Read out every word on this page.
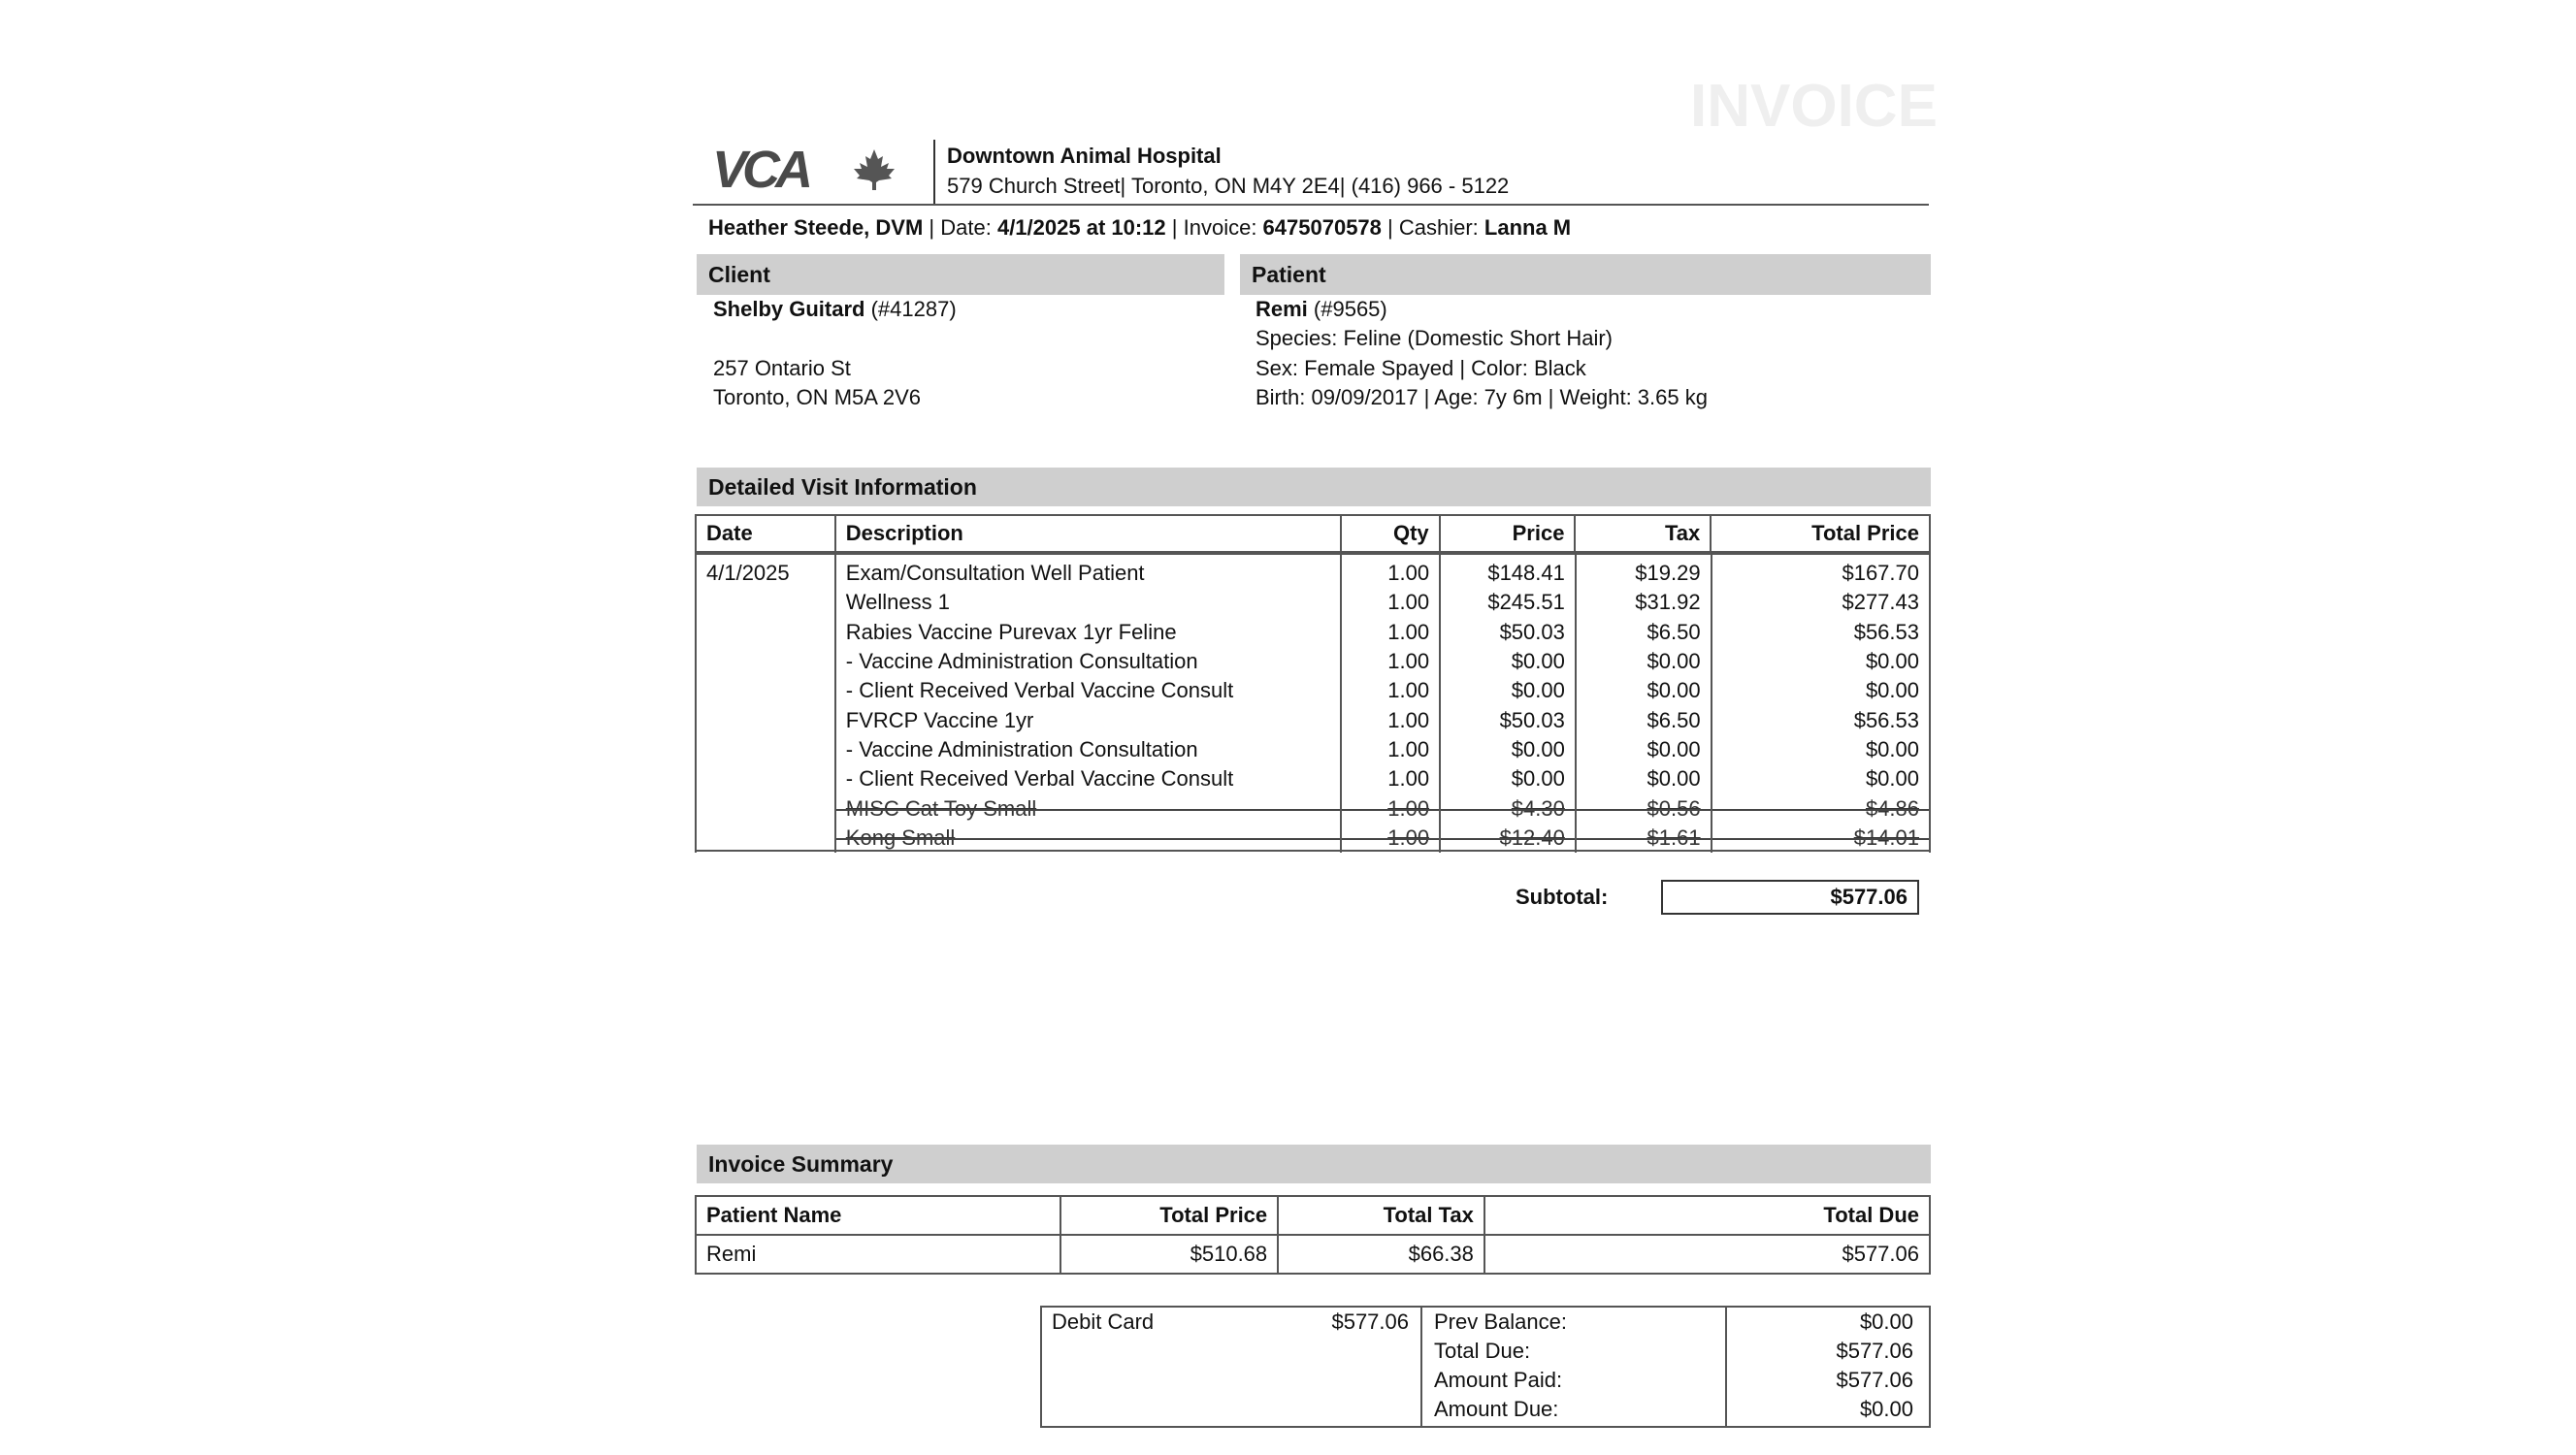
INVOICE
VCA	Downtown Animal Hospital
579 Church Street| Toronto, ON M4Y 2E4| (416) 966 - 5122
Heather Steede, DVM | Date: 4/1/2025 at 10:12 | Invoice: 6475070578 | Cashier: Lanna M
Client	Patient
Shelby Guitard (#41287)
257 Ontario St
Toronto, ON M5A 2V6
Remi (#9565)
Species: Feline (Domestic Short Hair)
Sex: Female Spayed | Color: Black
Birth: 09/09/2017 | Age: 7y 6m | Weight: 3.65 kg
Detailed Visit Information
Date	Description	Qty	Price	Tax	Total Price
4/1/2025	Exam/Consultation Well Patient	1.00	$148.41	$19.29	$167.70
	Wellness 1	1.00	$245.51	$31.92	$277.43
	Rabies Vaccine Purevax 1yr Feline	1.00	$50.03	$6.50	$56.53
	- Vaccine Administration Consultation	1.00	$0.00	$0.00	$0.00
	- Client Received Verbal Vaccine Consult	1.00	$0.00	$0.00	$0.00
	FVRCP Vaccine 1yr	1.00	$50.03	$6.50	$56.53
	- Vaccine Administration Consultation	1.00	$0.00	$0.00	$0.00
	- Client Received Verbal Vaccine Consult	1.00	$0.00	$0.00	$0.00
	MISC Cat Toy Small	1.00	$4.30	$0.56	$4.86
	Kong Small	1.00	$12.40	$1.61	$14.01
Subtotal:	$577.06
Invoice Summary
Patient Name	Total Price	Total Tax	Total Due
Remi	$510.68	$66.38	$577.06
Debit Card	$577.06 Prev Balance:	$0.00
Total Due:	$577.06
Amount Paid:	$577.06
Amount Due:	$0.00
